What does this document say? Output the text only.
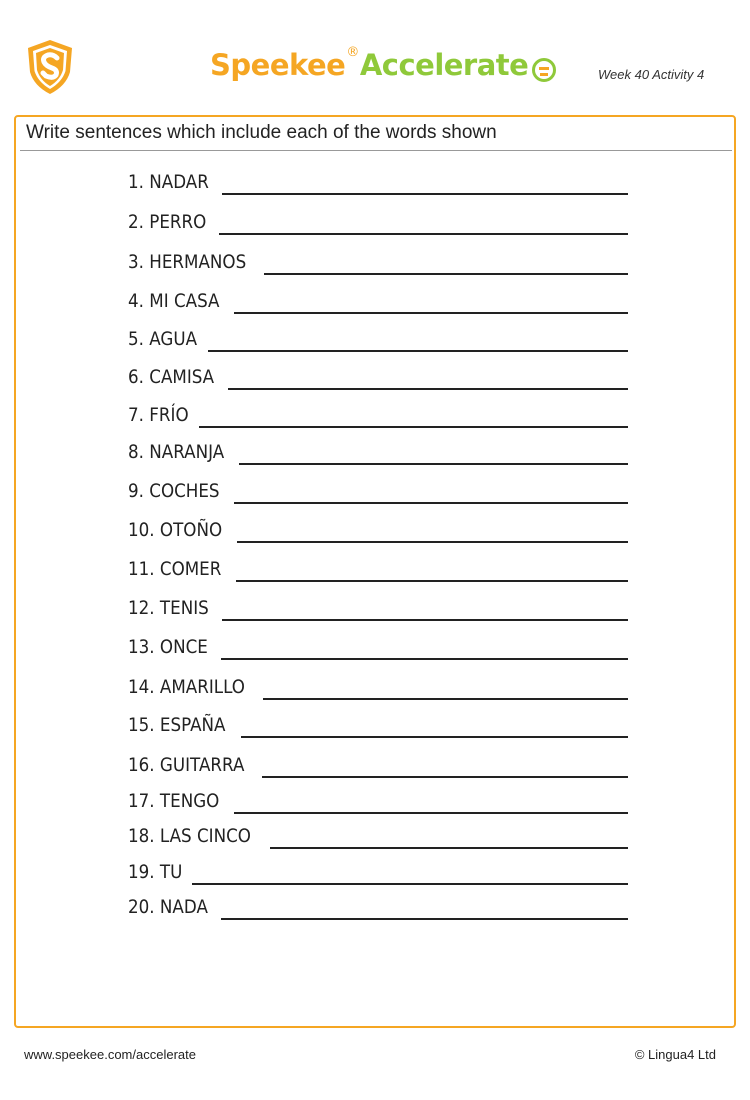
Speekee ® Accelerate	Week 40 Activity 4
Write sentences which include each of the words shown
1. NADAR
2. PERRO
3. HERMANOS
4. MI CASA
5. AGUA
6. CAMISA
7. FRÍO
8. NARANJA
9. COCHES
10. OTOÑO
11. COMER
12. TENIS
13. ONCE
14. AMARILLO
15. ESPAÑA
16. GUITARRA
17. TENGO
18. LAS CINCO
19. TU
20. NADA
www.speekee.com/accelerate	© Lingua4 Ltd
